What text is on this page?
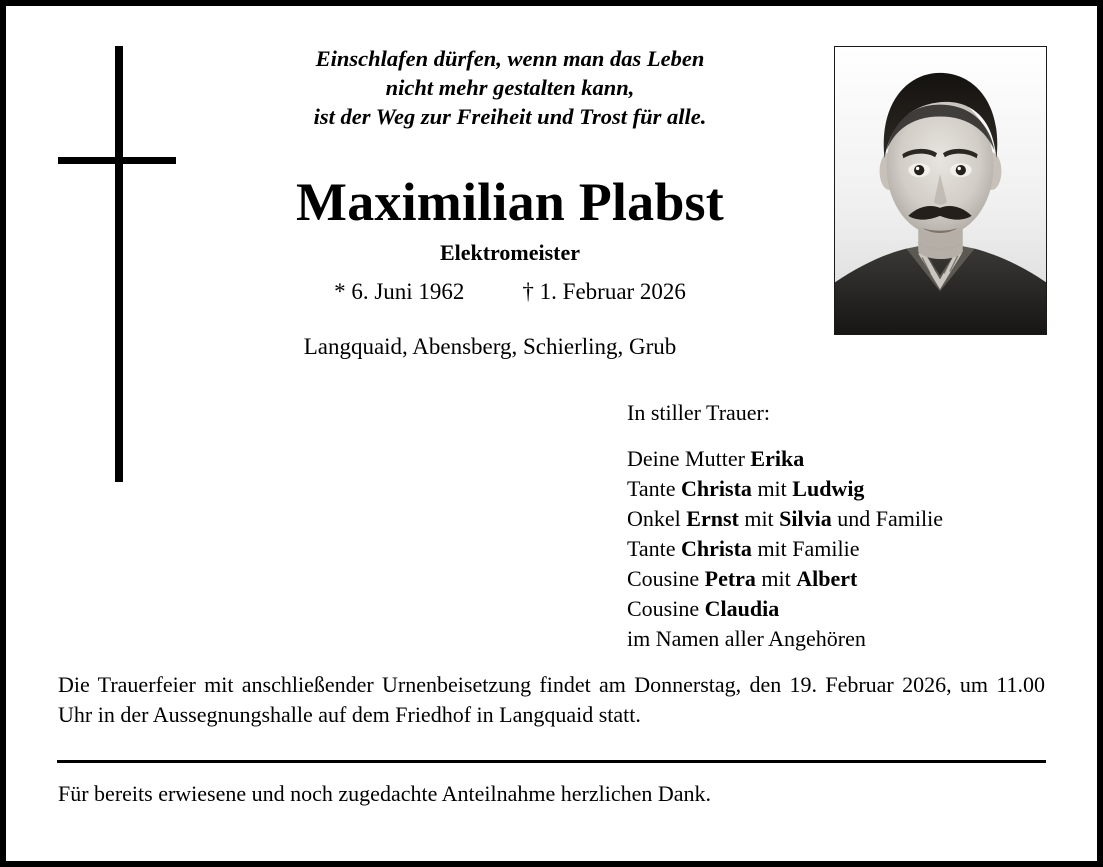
Einschlafen dürfen, wenn man das Leben
nicht mehr gestalten kann,
ist der Weg zur Freiheit und Trost für alle.
Maximilian Plabst
Elektromeister
* 6. Juni 1962	† 1. Februar 2026
Langquaid, Abensberg, Schierling, Grub
In stiller Trauer:
Deine Mutter Erika
Tante Christa mit Ludwig
Onkel Ernst mit Silvia und Familie
Tante Christa mit Familie
Cousine Petra mit Albert
Cousine Claudia
im Namen aller Angehören
Die Trauerfeier mit anschließender Urnenbeisetzung findet am Donnerstag, den 19. Februar 2026, um 11.00 Uhr in der Aussegnungshalle auf dem Friedhof in Langquaid statt.
Für bereits erwiesene und noch zugedachte Anteilnahme herzlichen Dank.
